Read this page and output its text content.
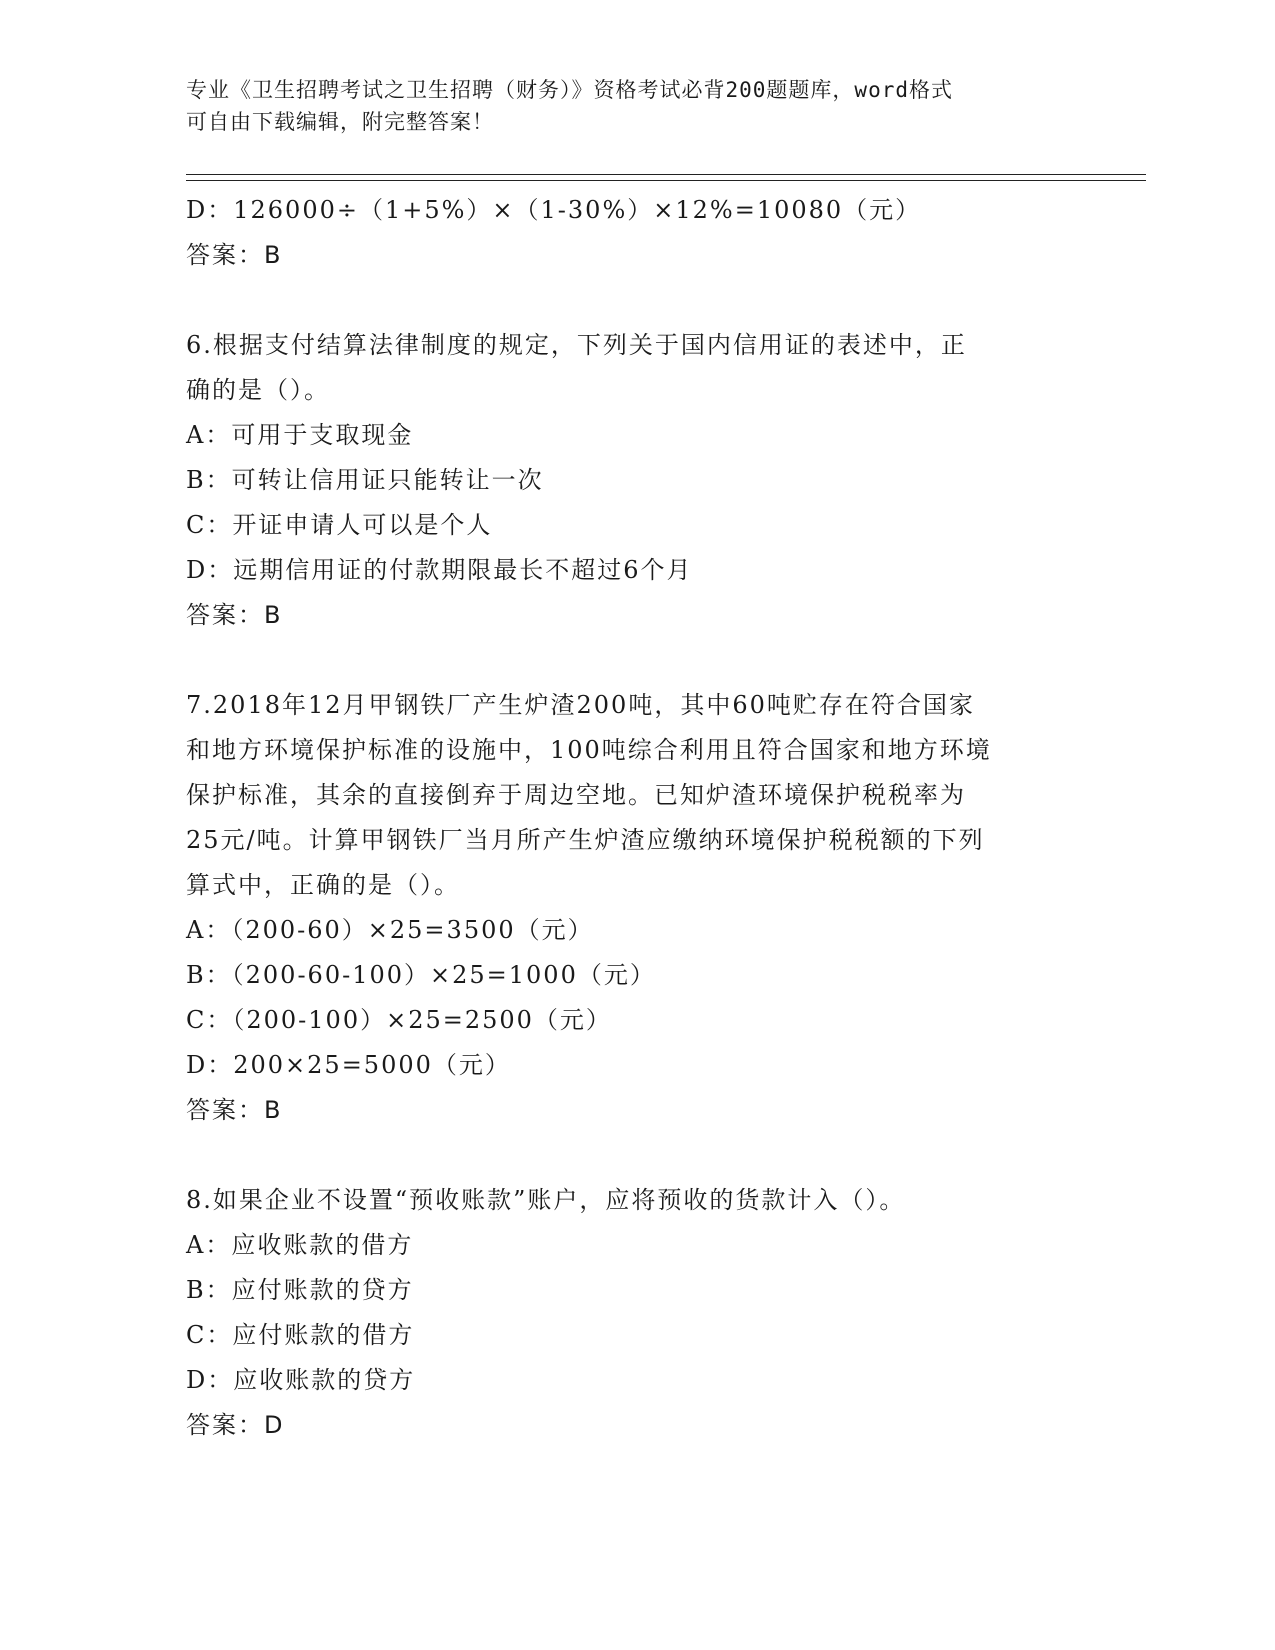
专业《卫生招聘考试之卫生招聘（财务）》资格考试必背200题题库，word格式
可自由下载编辑，附完整答案！
D：126000÷（1+5%）×（1-30%）×12%=10080（元）
答案：B
6.根据支付结算法律制度的规定，下列关于国内信用证的表述中，正
确的是（）。
A：可用于支取现金
B：可转让信用证只能转让一次
C：开证申请人可以是个人
D：远期信用证的付款期限最长不超过6个月
答案：B
7.2018年12月甲钢铁厂产生炉渣200吨，其中60吨贮存在符合国家
和地方环境保护标准的设施中，100吨综合利用且符合国家和地方环境
保护标准，其余的直接倒弃于周边空地。已知炉渣环境保护税税率为
25元/吨。计算甲钢铁厂当月所产生炉渣应缴纳环境保护税税额的下列
算式中，正确的是（）。
A：（200-60）×25=3500（元）
B：（200-60-100）×25=1000（元）
C：（200-100）×25=2500（元）
D：200×25=5000（元）
答案：B
8.如果企业不设置“预收账款”账户，应将预收的货款计入（）。
A：应收账款的借方
B：应付账款的贷方
C：应付账款的借方
D：应收账款的贷方
答案：D
